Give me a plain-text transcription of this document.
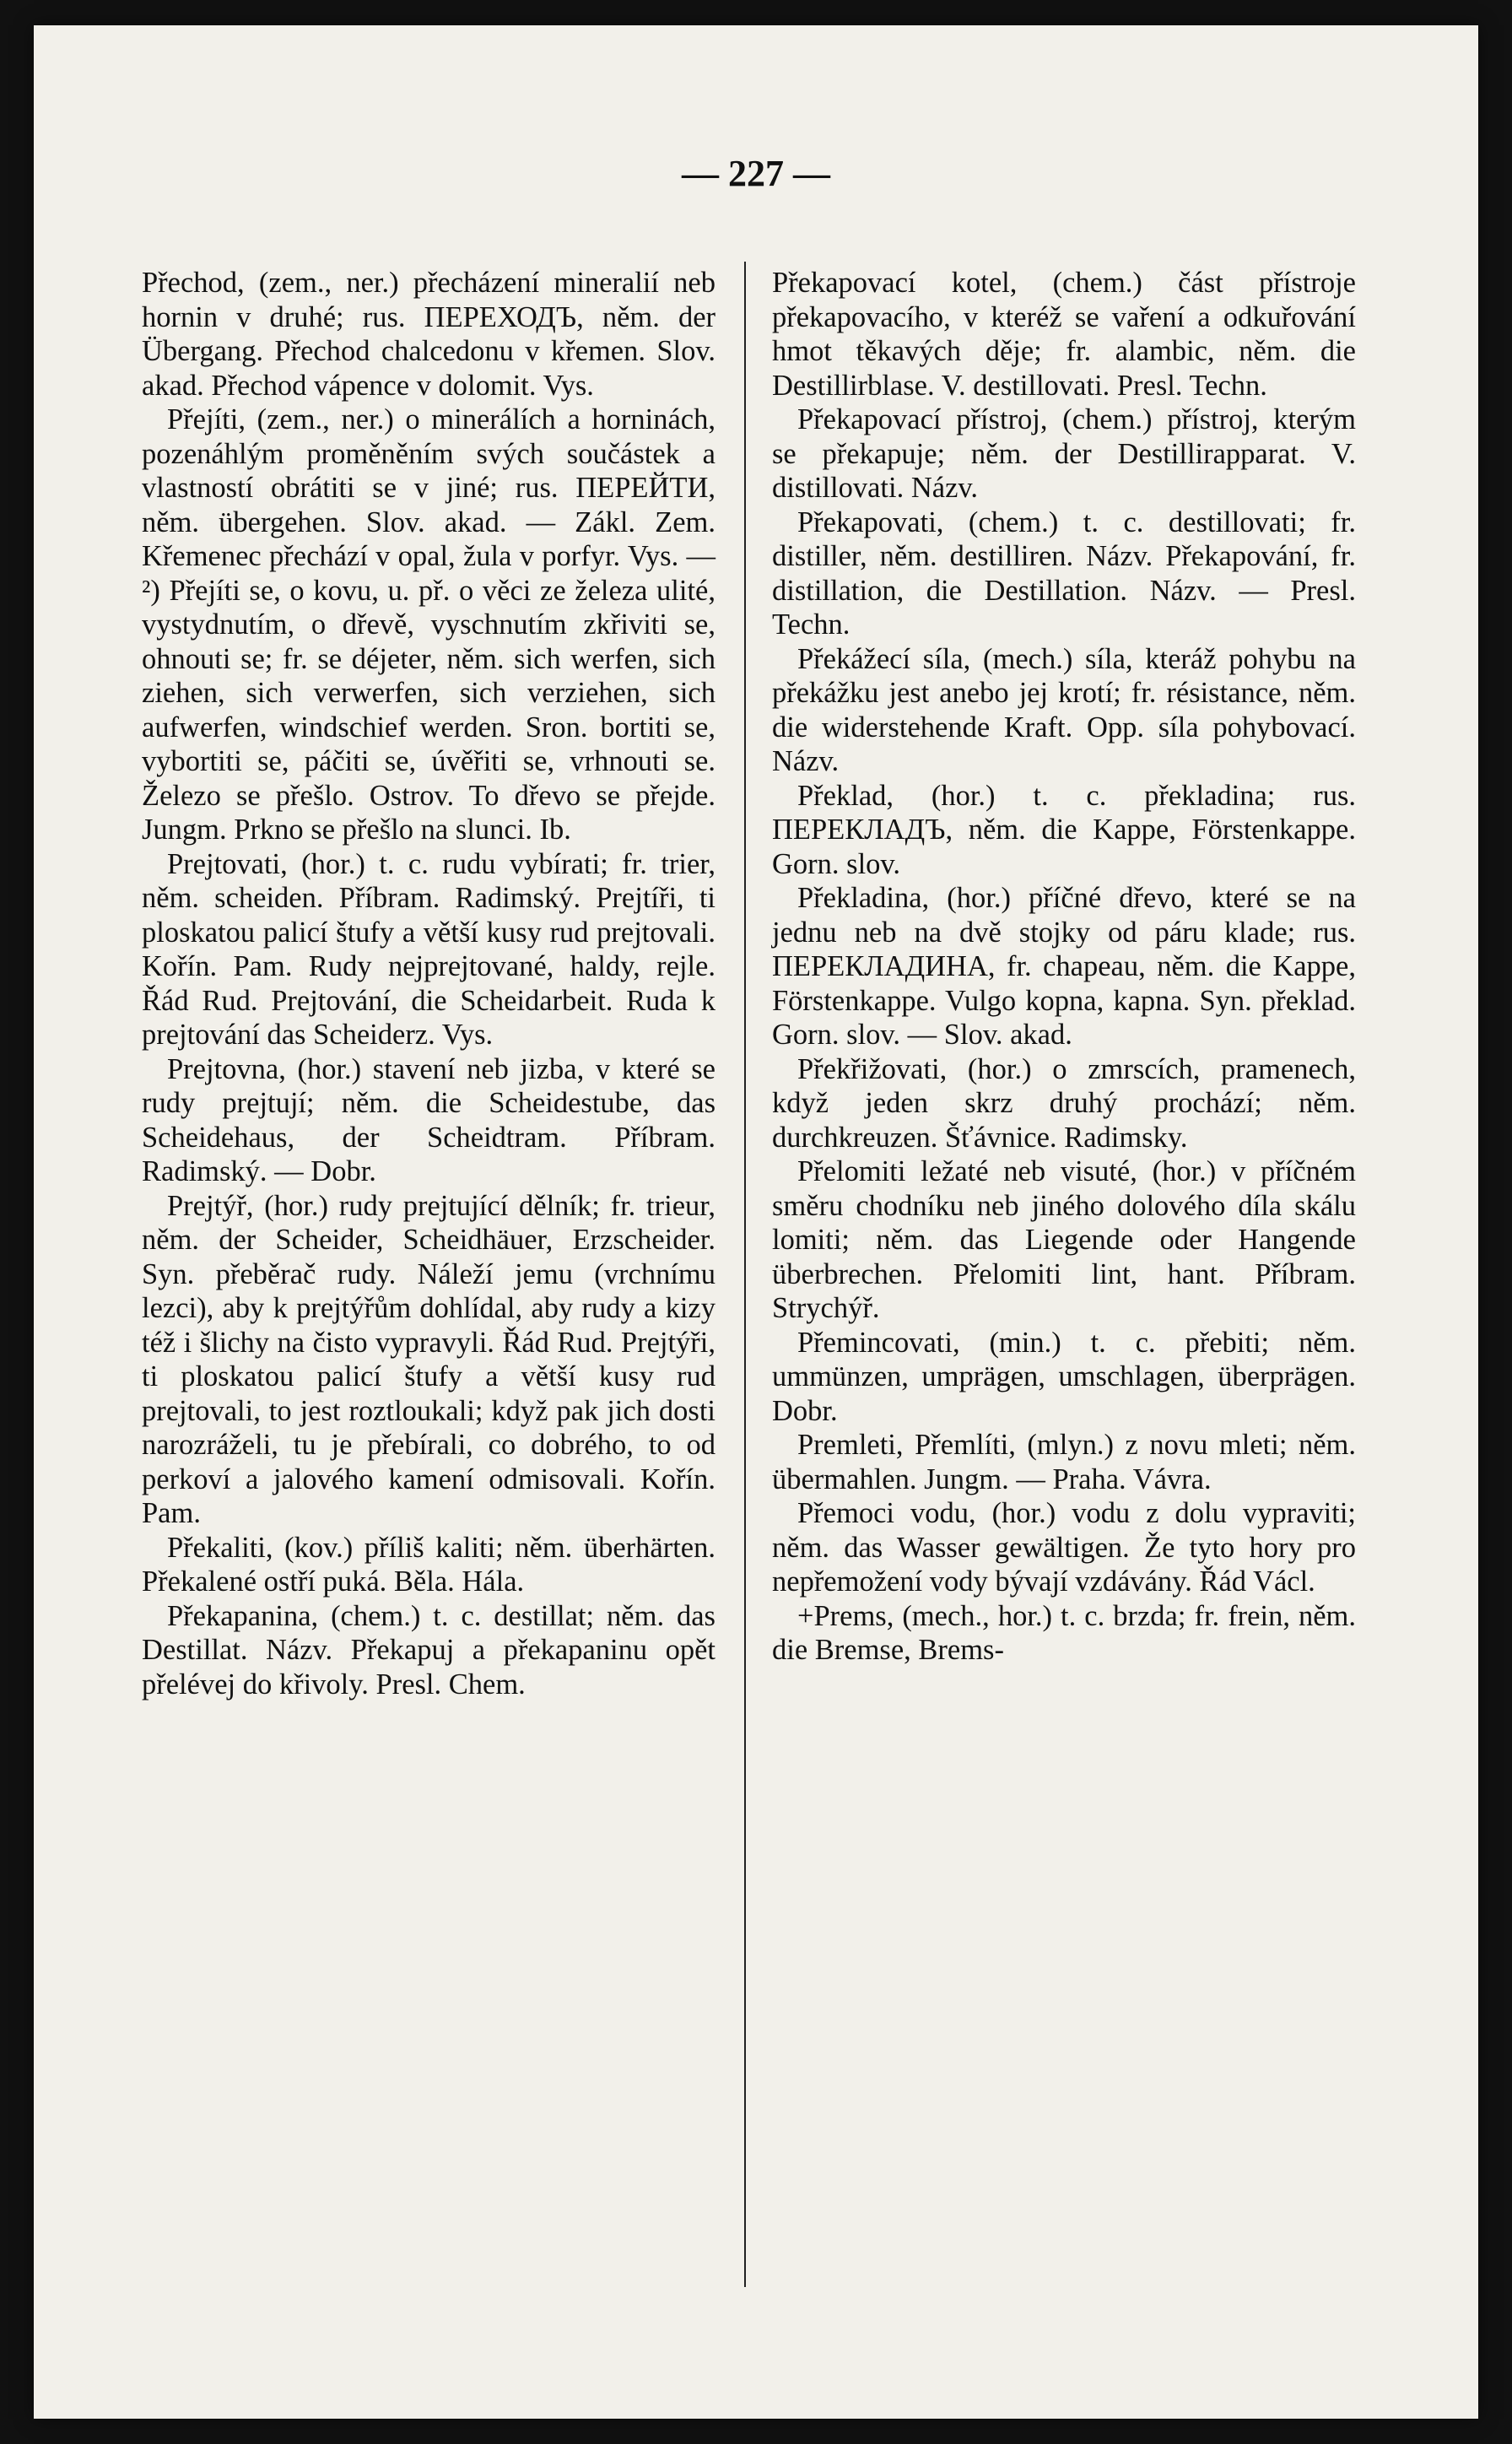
— 227 —

Přechod, (zem., ner.) přecházení mineralií neb hornin v druhé; rus. ПЕРЕХОДЪ, něm. der Übergang. Přechod chalcedonu v křemen. Slov. akad. Přechod vápence v dolomit. Vys.

Přejíti, (zem., ner.) o minerálích a horninách, pozenáhlým proměněním svých součástek a vlastností obrátiti se v jiné; rus. ПЕРЕЙТИ, něm. übergehen. Slov. akad. — Zákl. Zem. Křemenec přechází v opal, žula v porfyr. Vys. — ²) Přejíti se, o kovu, u. př. o věci ze železa ulité, vystydnutím, o dřevě, vyschnutím zkřiviti se, ohnouti se; fr. se déjeter, něm. sich werfen, sich ziehen, sich verwerfen, sich verziehen, sich aufwerfen, windschief werden. Sron. bortiti se, vybortiti se, páčiti se, úvěřiti se, vrhnouti se. Železo se přešlo. Ostrov. To dřevo se přejde. Jungm. Prkno se přešlo na slunci. Ib.

Prejtovati, (hor.) t. c. rudu vybírati; fr. trier, něm. scheiden. Příbram. Radimský. Prejtíři, ti ploskatou palicí štufy a větší kusy rud prejtovali. Kořín. Pam. Rudy nejprejtované, haldy, rejle. Řád Rud. Prejtování, die Scheidarbeit. Ruda k prejtování das Scheiderz. Vys.

Prejtovna, (hor.) stavení neb jizba, v které se rudy prejtují; něm. die Scheidestube, das Scheidehaus, der Scheidtram. Příbram. Radimský. — Dobr.

Prejtýř, (hor.) rudy prejtující dělník; fr. trieur, něm. der Scheider, Scheidhäuer, Erzscheider. Syn. přeběrač rudy. Náleží jemu (vrchnímu lezci), aby k prejtýřům dohlídal, aby rudy a kizy též i šlichy na čisto vypravyli. Řád Rud. Prejtýři, ti ploskatou palicí štufy a větší kusy rud prejtovali, to jest roztloukali; když pak jich dosti narozráželi, tu je přebírali, co dobrého, to od perkoví a jalového kamení odmisovali. Kořín. Pam.

Překaliti, (kov.) příliš kaliti; něm. überhärten. Překalené ostří puká. Běla. Hála.

Překapanina, (chem.) t. c. destillat; něm. das Destillat. Názv. Překapuj a překapaninu opět přelévej do křivoly. Presl. Chem.

Překapovací kotel, (chem.) část přístroje překapovacího, v kteréž se vaření a odkuřování hmot těkavých děje; fr. alambic, něm. die Destillirblase. V. destillovati. Presl. Techn.

Překapovací přístroj, (chem.) přístroj, kterým se překapuje; něm. der Destillirapparat. V. distillovati. Názv.

Překapovati, (chem.) t. c. destillovati; fr. distiller, něm. destilliren. Názv. Překapování, fr. distillation, die Destillation. Názv. — Presl. Techn.

Překážecí síla, (mech.) síla, kteráž pohybu na překážku jest anebo jej krotí; fr. résistance, něm. die widerstehende Kraft. Opp. síla pohybovací. Názv.

Překlad, (hor.) t. c. překladina; rus. ПЕРЕКЛАДЪ, něm. die Kappe, Förstenkappe. Gorn. slov.

Překladina, (hor.) příčné dřevo, které se na jednu neb na dvě stojky od páru klade; rus. ПЕРЕКЛАДИНА, fr. chapeau, něm. die Kappe, Förstenkappe. Vulgo kopna, kapna. Syn. překlad. Gorn. slov. — Slov. akad.

Překřižovati, (hor.) o zmrscích, pramenech, když jeden skrz druhý prochází; něm. durchkreuzen. Šťávnice. Radimsky.

Přelomiti ležaté neb visuté, (hor.) v příčném směru chodníku neb jiného dolového díla skálu lomiti; něm. das Liegende oder Hangende überbrechen. Přelomiti lint, hant. Příbram. Strychýř.

Přemincovati, (min.) t. c. přebiti; něm. ummünzen, umprägen, umschlagen, überprägen. Dobr.

Premleti, Přemlíti, (mlyn.) z novu mleti; něm. übermahlen. Jungm. — Praha. Vávra.

Přemoci vodu, (hor.) vodu z dolu vypraviti; něm. das Wasser gewältigen. Že tyto hory pro nepřemožení vody bývají vzdávány. Řád Václ.

+Prems, (mech., hor.) t. c. brzda; fr. frein, něm. die Bremse, Brems-
